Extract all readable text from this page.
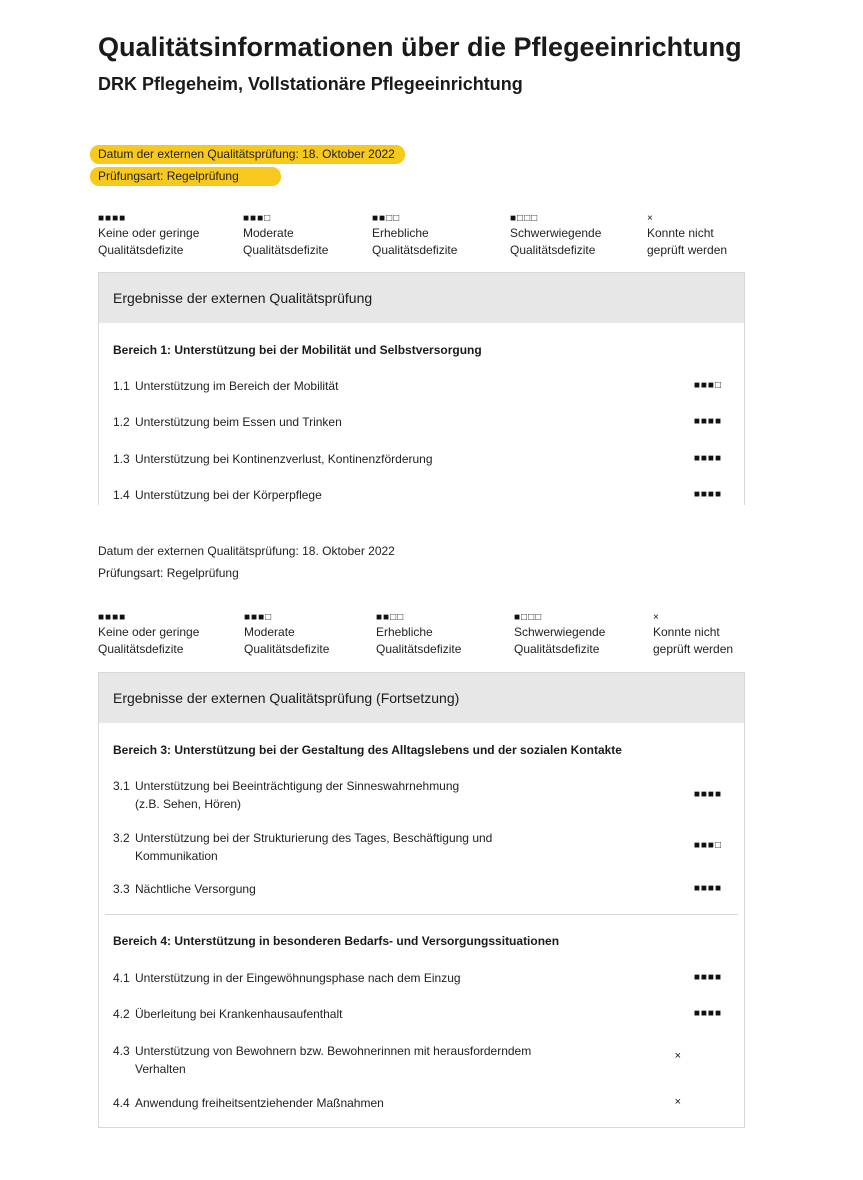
Qualitätsinformationen über die Pflegeeinrichtung
DRK Pflegeheim, Vollstationäre Pflegeeinrichtung
Datum der externen Qualitätsprüfung: 18. Oktober 2022
Prüfungsart: Regelprüfung
■■■■
Keine oder geringe
Qualitätsdefizite
■■■□
Moderate
Qualitätsdefizite
■■□□
Erhebliche
Qualitätsdefizite
■□□□
Schwerwiegende
Qualitätsdefizite
×
Konnte nicht
geprüft werden
Ergebnisse der externen Qualitätsprüfung
Bereich 1: Unterstützung bei der Mobilität und Selbstversorgung
1.1 Unterstützung im Bereich der Mobilität	■■■□
1.2 Unterstützung beim Essen und Trinken	■■■■
1.3 Unterstützung bei Kontinenzverlust, Kontinenzförderung	■■■■
1.4 Unterstützung bei der Körperpflege	■■■■
Datum der externen Qualitätsprüfung: 18. Oktober 2022
Prüfungsart: Regelprüfung
■■■■
Keine oder geringe
Qualitätsdefizite
■■■□
Moderate
Qualitätsdefizite
■■□□
Erhebliche
Qualitätsdefizite
■□□□
Schwerwiegende
Qualitätsdefizite
×
Konnte nicht
geprüft werden
Ergebnisse der externen Qualitätsprüfung (Fortsetzung)
Bereich 3: Unterstützung bei der Gestaltung des Alltagslebens und der sozialen Kontakte
3.1 Unterstützung bei Beeinträchtigung der Sinneswahrnehmung
(z.B. Sehen, Hören)
■■■■
3.2 Unterstützung bei der Strukturierung des Tages, Beschäftigung und
Kommunikation
■■■□
3.3 Nächtliche Versorgung	■■■■
Bereich 4: Unterstützung in besonderen Bedarfs- und Versorgungssituationen
4.1 Unterstützung in der Eingewöhnungsphase nach dem Einzug	■■■■
4.2 Überleitung bei Krankenhausaufenthalt	■■■■
4.3 Unterstützung von Bewohnern bzw. Bewohnerinnen mit herausforderndem
Verhalten
×
4.4 Anwendung freiheitsentziehender Maßnahmen	×
